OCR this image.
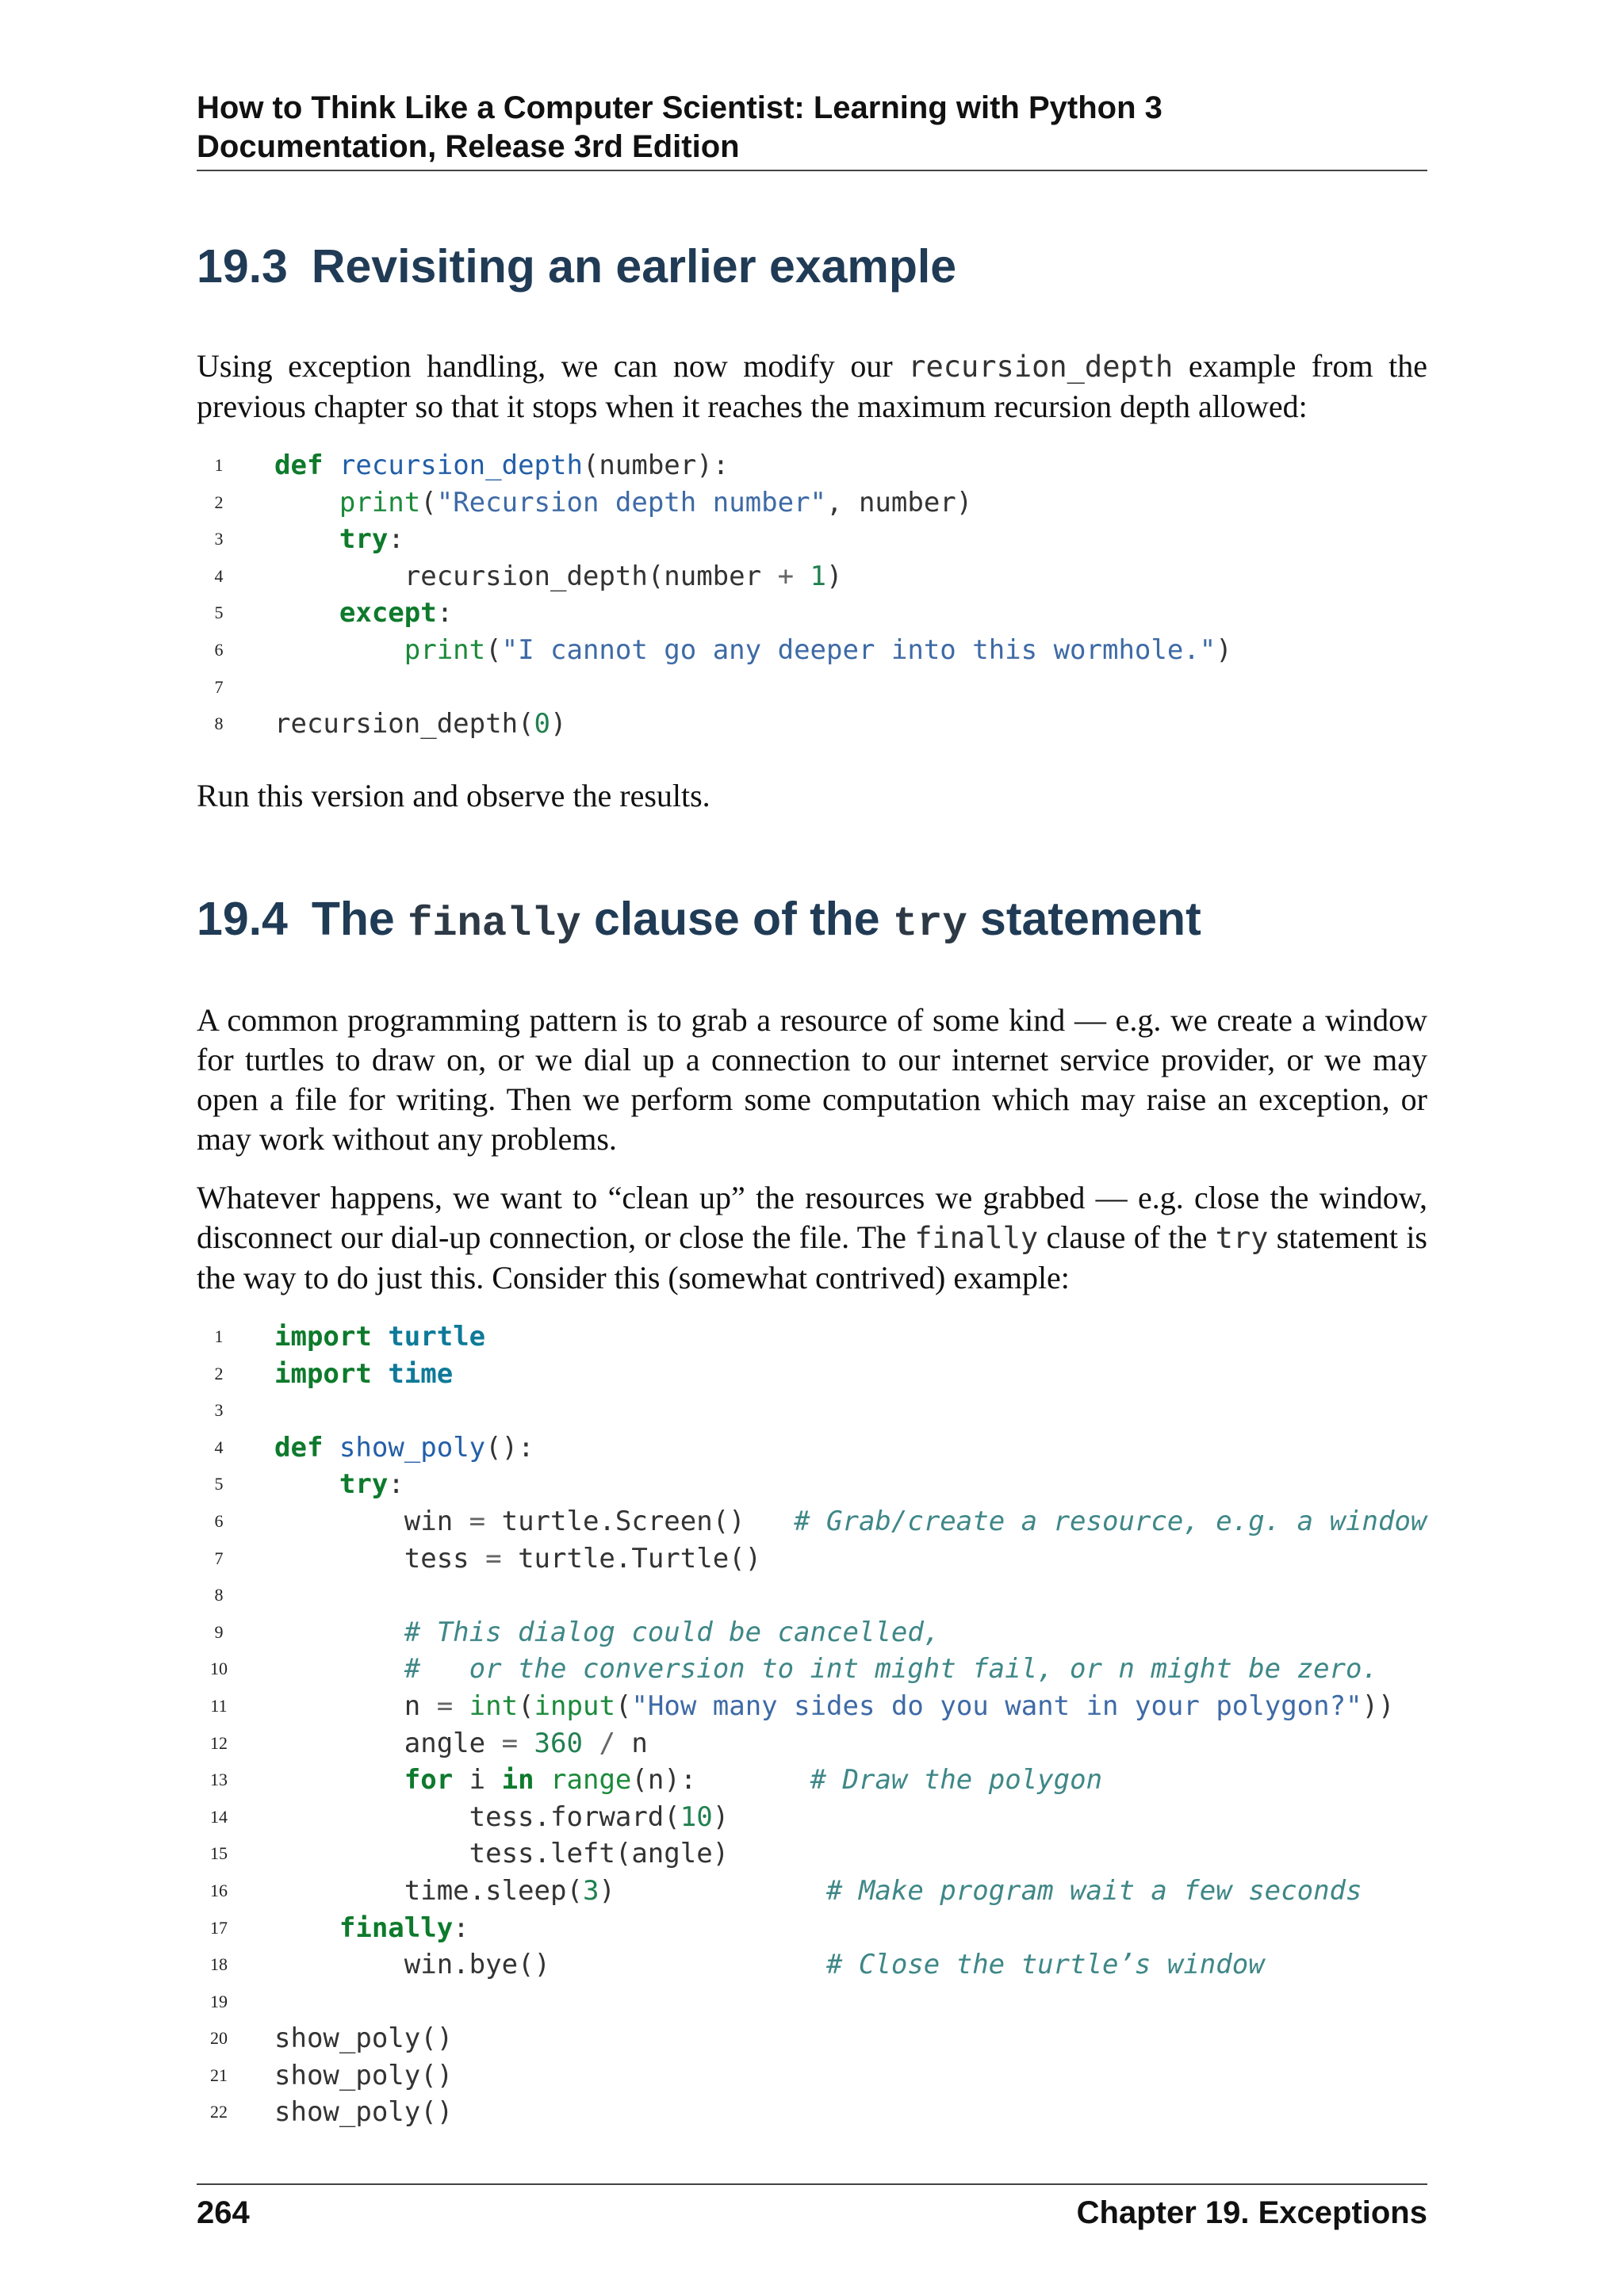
How to Think Like a Computer Scientist: Learning with Python 3
Documentation, Release 3rd Edition
19.3 Revisiting an earlier example
Using exception handling, we can now modify our recursion_depth example from the previous chapter so that it stops when it reaches the maximum recursion depth allowed:
1	def recursion_depth(number):
2	print("Recursion depth number", number)
3	try:
4	recursion_depth(number + 1)
5	except:
6	print("I cannot go any deeper into this wormhole.")
7
8	recursion_depth(0)
Run this version and observe the results.
19.4 The finally clause of the try statement
A common programming pattern is to grab a resource of some kind — e.g. we create a window for turtles to draw on, or we dial up a connection to our internet service provider, or we may open a file for writing. Then we perform some computation which may raise an exception, or may work without any problems.
Whatever happens, we want to “clean up” the resources we grabbed — e.g. close the window, disconnect our dial-up connection, or close the file. The finally clause of the try statement is the way to do just this. Consider this (somewhat contrived) example:
1	import turtle
2	import time
3
4	def show_poly():
5	try:
6	win = turtle.Screen()   # Grab/create a resource, e.g. a window
7	tess = turtle.Turtle()
8
9	# This dialog could be cancelled,
10	#   or the conversion to int might fail, or n might be zero.
11	n = int(input("How many sides do you want in your polygon?"))
12	angle = 360 / n
13	for i in range(n):       # Draw the polygon
14	tess.forward(10)
15	tess.left(angle)
16	time.sleep(3)             # Make program wait a few seconds
17	finally:
18	win.bye()                 # Close the turtle’s window
19
20	show_poly()
21	show_poly()
22	show_poly()
264	Chapter 19. Exceptions
